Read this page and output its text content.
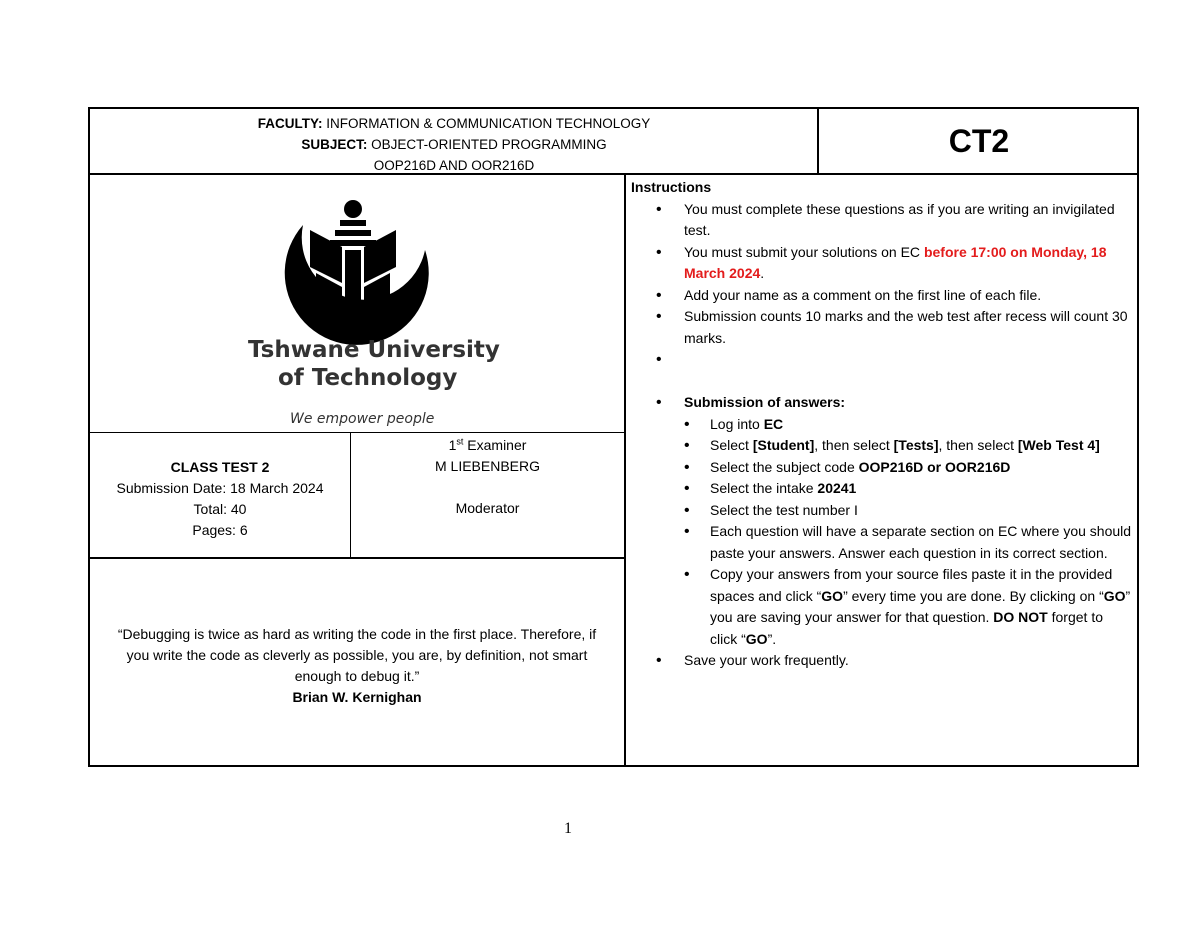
FACULTY: INFORMATION & COMMUNICATION TECHNOLOGY
SUBJECT: OBJECT-ORIENTED PROGRAMMING
OOP216D AND OOR216D
CT2
Tshwane University
of Technology
We empower people
CLASS TEST 2
Submission Date: 18 March 2024
Total: 40
Pages: 6
1st Examiner
M LIEBENBERG
Moderator
“Debugging is twice as hard as writing the code in the first place. Therefore, if you write the code as cleverly as possible, you are, by definition, not smart enough to debug it.”
Brian W. Kernighan
Instructions
• You must complete these questions as if you are writing an invigilated test.
• You must submit your solutions on EC before 17:00 on Monday, 18 March 2024.
• Add your name as a comment on the first line of each file.
• Submission counts 10 marks and the web test after recess will count 30 marks.
•
• Submission of answers:
• Log into EC
• Select [Student], then select [Tests], then select [Web Test 4]
• Select the subject code OOP216D or OOR216D
• Select the intake 20241
• Select the test number I
• Each question will have a separate section on EC where you should paste your answers. Answer each question in its correct section.
• Copy your answers from your source files paste it in the provided spaces and click “GO” every time you are done. By clicking on “GO” you are saving your answer for that question. DO NOT forget to click “GO”.
• Save your work frequently.
1
